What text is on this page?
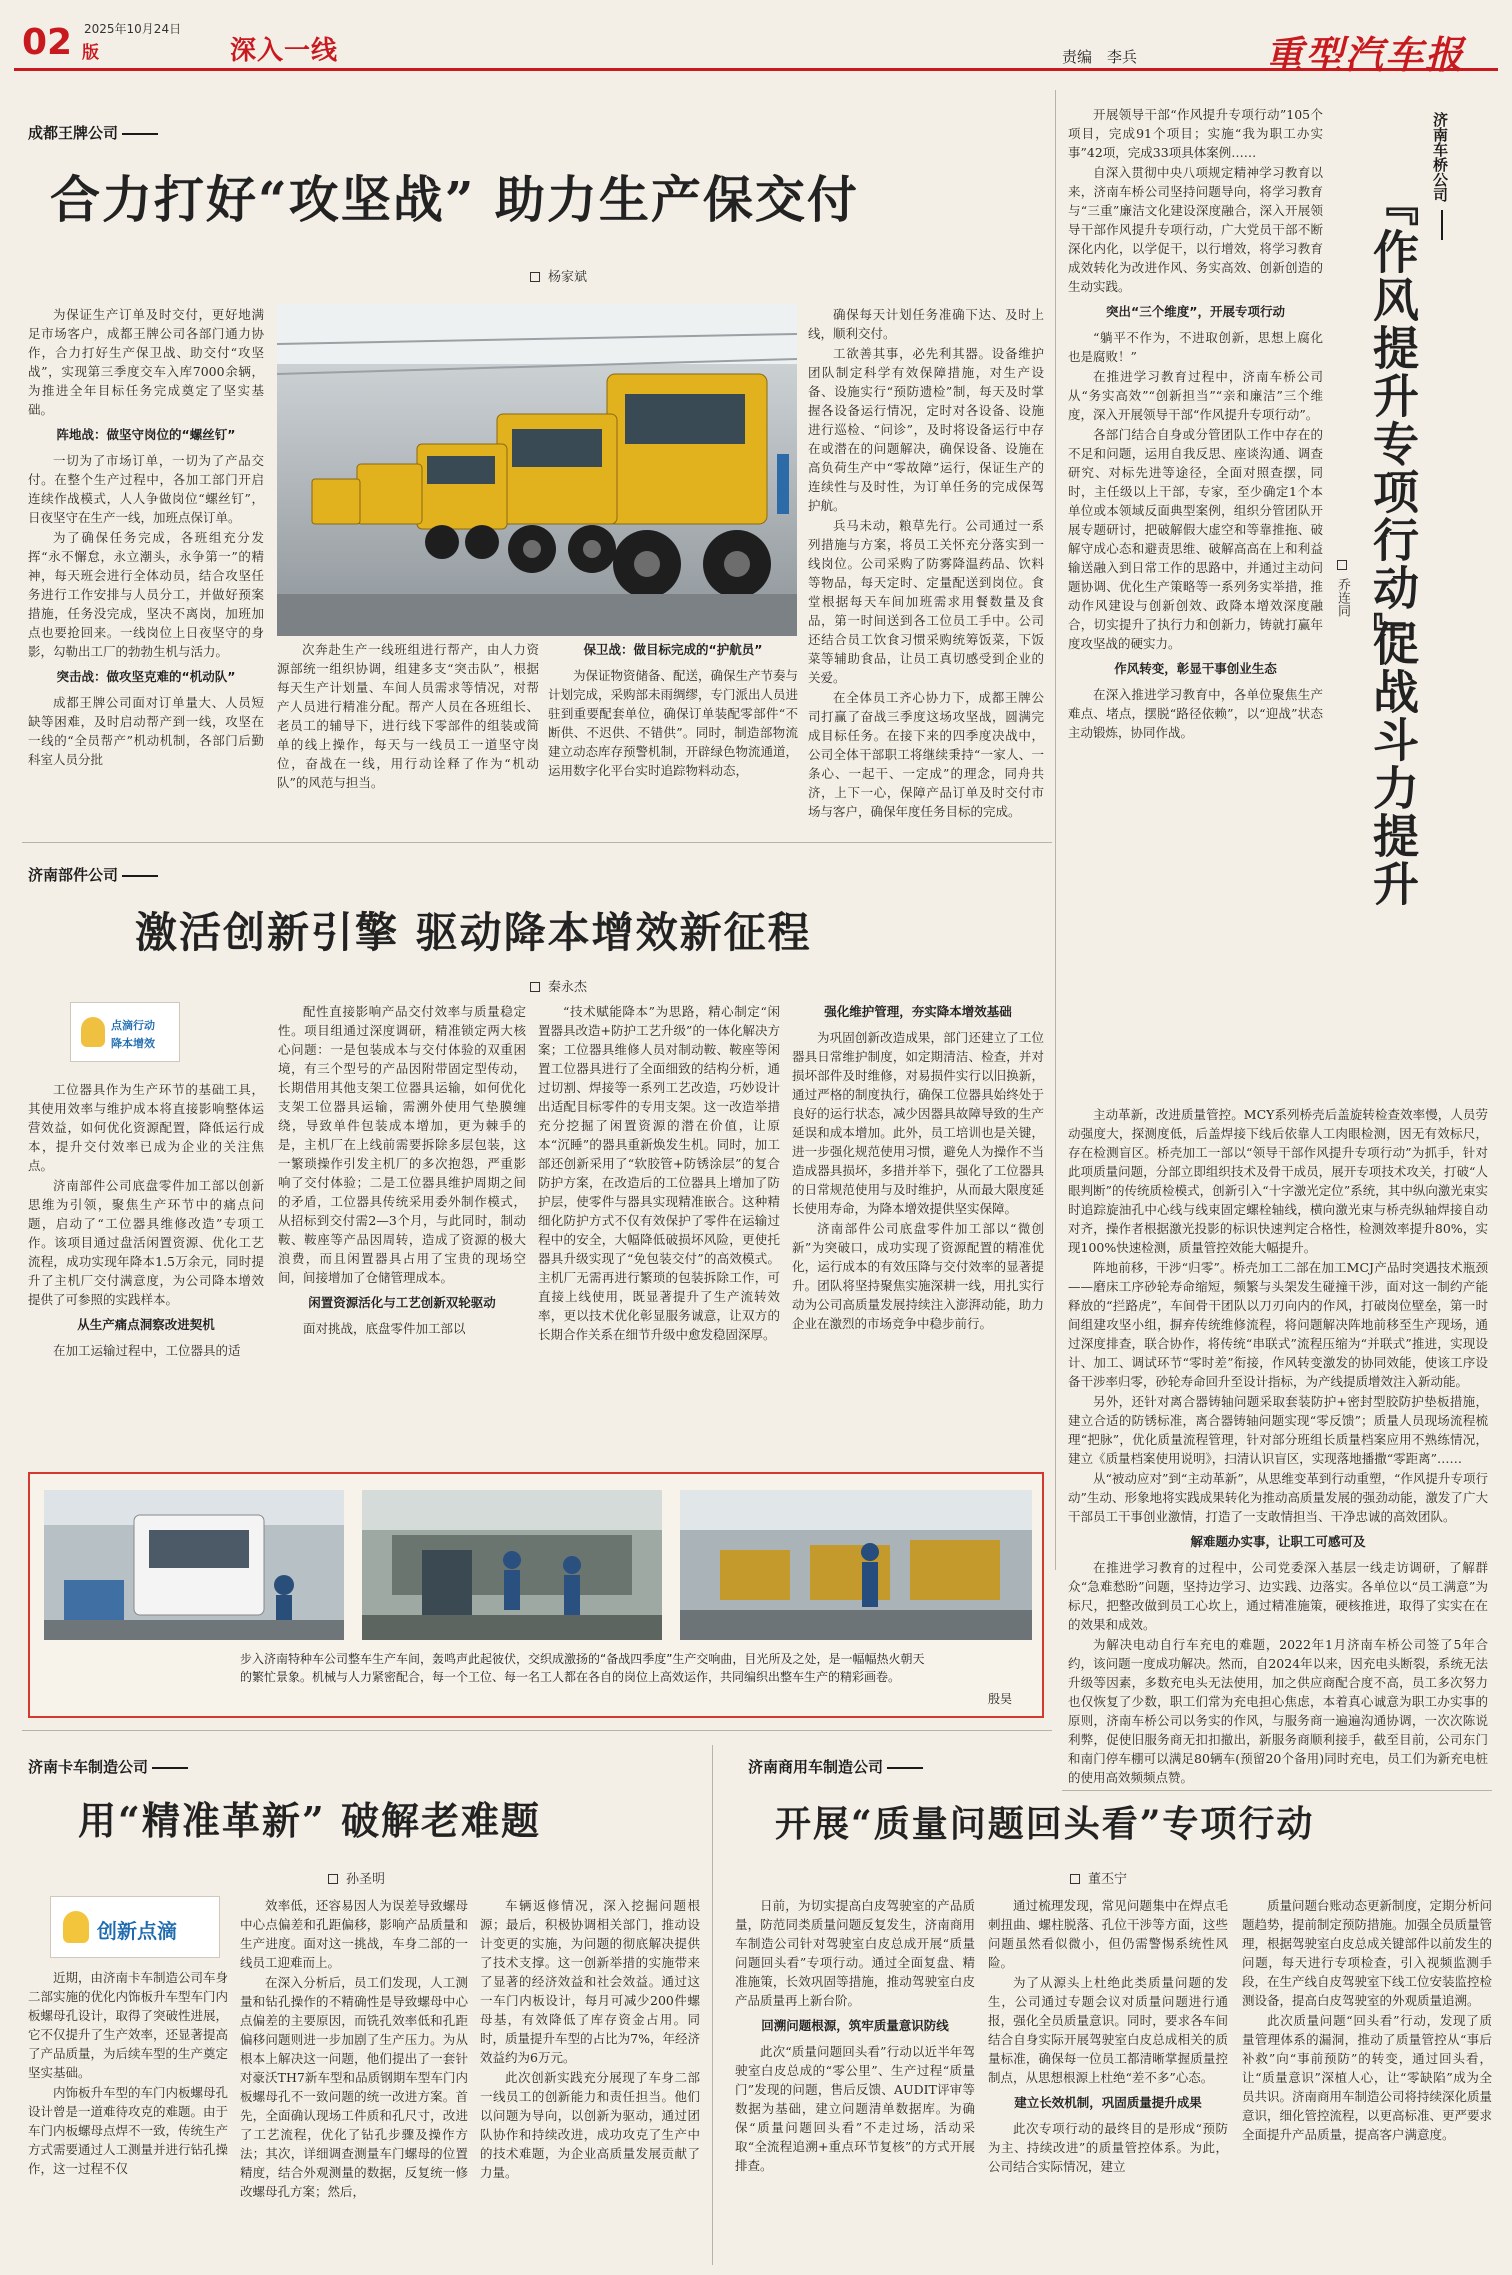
02 版
2025年10月24日
深入一线	责编　李兵	重型汽车报
成都王牌公司
合力打好“攻坚战” 助力生产保交付
杨家斌

为保证生产订单及时交付，更好地满足市场客户，成都王牌公司各部门通力协作，合力打好生产保卫战、助交付“攻坚战”，实现第三季度交车入库7000余辆，为推进全年目标任务完成奠定了坚实基础。

阵地战：做坚守岗位的“螺丝钉”

一切为了市场订单，一切为了产品交付。在整个生产过程中，各加工部门开启连续作战模式，人人争做岗位“螺丝钉”，日夜坚守在生产一线，加班点保订单。

为了确保任务完成，各班组充分发挥“永不懈怠，永立潮头，永争第一”的精神，每天班会进行全体动员，结合攻坚任务进行工作安排与人员分工，并做好预案措施，任务没完成，坚决不离岗，加班加点也要抢回来。一线岗位上日夜坚守的身影，勾勒出工厂的勃勃生机与活力。

突击战：做攻坚克难的“机动队”

成都王牌公司面对订单量大、人员短缺等困难，及时启动帮产到一线，攻坚在一线的“全员帮产”机动机制，各部门后勤科室人员分批

次奔赴生产一线班组进行帮产，由人力资源部统一组织协调，组建多支“突击队”，根据每天生产计划量、车间人员需求等情况，对帮产人员进行精准分配。帮产人员在各班组长、老员工的辅导下，进行线下零部件的组装或简单的线上操作，每天与一线员工一道坚守岗位，奋战在一线，用行动诠释了作为“机动队”的风范与担当。

保卫战：做目标完成的“护航员”

为保证物资储备、配送，确保生产节奏与计划完成，采购部未雨绸缪，专门派出人员进驻到重要配套单位，确保订单装配零部件“不断供、不迟供、不错供”。同时，制造部物流建立动态库存预警机制，开辟绿色物流通道，运用数字化平台实时追踪物料动态，

确保每天计划任务准确下达、及时上线，顺利交付。

工欲善其事，必先利其器。设备维护团队制定科学有效保障措施，对生产设备、设施实行“预防遗检”制，每天及时掌握各设备运行情况，定时对各设备、设施进行巡检、“问诊”，及时将设备运行中存在或潜在的问题解决，确保设备、设施在高负荷生产中“零故障”运行，保证生产的连续性与及时性，为订单任务的完成保驾护航。

兵马未动，粮草先行。公司通过一系列措施与方案，将员工关怀充分落实到一线岗位。公司采购了防雾降温药品、饮料等物品，每天定时、定量配送到岗位。食堂根据每天车间加班需求用餐数量及食品，第一时间送到各工位员工手中。公司还结合员工饮食习惯采购统筹饭菜，下饭菜等辅助食品，让员工真切感受到企业的关爱。

在全体员工齐心协力下，成都王牌公司打赢了奋战三季度这场攻坚战，圆满完成目标任务。在接下来的四季度决战中，公司全体干部职工将继续秉持“一家人、一条心、一起干、一定成”的理念，同舟共济，上下一心，保障产品订单及时交付市场与客户，确保年度任务目标的完成。

济南部件公司
激活创新引擎 驱动降本增效新征程
秦永杰
点滴行动
降本增效

工位器具作为生产环节的基础工具，其使用效率与维护成本将直接影响整体运营效益，如何优化资源配置，降低运行成本，提升交付效率已成为企业的关注焦点。

济南部件公司底盘零件加工部以创新思维为引领，聚焦生产环节中的痛点问题，启动了“工位器具维修改造”专项工作。该项目通过盘活闲置资源、优化工艺流程，成功实现年降本1.5万余元，同时提升了主机厂交付满意度，为公司降本增效提供了可参照的实践样本。

从生产痛点洞察改进契机

在加工运输过程中，工位器具的适

配性直接影响产品交付效率与质量稳定性。项目组通过深度调研，精准锁定两大核心问题：一是包装成本与交付体验的双重困境，有三个型号的产品因附带固定型传动，长期借用其他支架工位器具运输，如何优化支架工位器具运输，需溯外使用气垫膜缠绕，导致单件包装成本增加，更为棘手的是，主机厂在上线前需要拆除多层包装，这一繁琐操作引发主机厂的多次抱怨，严重影响了交付体验；二是工位器具维护周期之间的矛盾，工位器具传统采用委外制作模式，从招标到交付需2—3个月，与此同时，制动鞍、鞍座等产品因周转，造成了资源的极大浪费，而且闲置器具占用了宝贵的现场空间，间接增加了仓储管理成本。

闲置资源活化与工艺创新双轮驱动

面对挑战，底盘零件加工部以

“技术赋能降本”为思路，精心制定“闲置器具改造+防护工艺升级”的一体化解决方案；工位器具维修人员对制动鞍、鞍座等闲置工位器具进行了全面细致的结构分析，通过切割、焊接等一系列工艺改造，巧妙设计出适配目标零件的专用支架。这一改造举措充分挖掘了闲置资源的潜在价值，让原本“沉睡”的器具重新焕发生机。同时，加工部还创新采用了“软胶管+防锈涂层”的复合防护方案，在改造后的工位器具上增加了防护层，使零件与器具实现精准嵌合。这种精细化防护方式不仅有效保护了零件在运输过程中的安全，大幅降低破损坏风险，更使托器具升级实现了“免包装交付”的高效模式。主机厂无需再进行繁琐的包装拆除工作，可直接上线使用，既显著提升了生产流转效率，更以技术优化彰显服务诚意，让双方的长期合作关系在细节升级中愈发稳固深厚。

强化维护管理，夯实降本增效基础

为巩固创新改造成果，部门还建立了工位器具日常维护制度，如定期清洁、检查，并对损坏部件及时维修，对易损件实行以旧换新，通过严格的制度执行，确保工位器具始终处于良好的运行状态，减少因器具故障导致的生产延误和成本增加。此外，员工培训也是关键，进一步强化规范使用习惯，避免人为操作不当造成器具损坏，多措并举下，强化了工位器具的日常规范使用与及时维护，从而最大限度延长使用寿命，为降本增效提供坚实保障。

济南部件公司底盘零件加工部以“微创新”为突破口，成功实现了资源配置的精准优化，运行成本的有效压降与交付效率的显著提升。团队将坚持聚焦实施深耕一线，用扎实行动为公司高质量发展持续注入澎湃动能，助力企业在激烈的市场竞争中稳步前行。

步入济南特种车公司整车生产车间，轰鸣声此起彼伏，交织成激扬的“备战四季度”生产交响曲，目光所及之处，是一幅幅热火朝天的繁忙景象。机械与人力紧密配合，每一个工位、每一名工人都在各自的岗位上高效运作，共同编织出整车生产的精彩画卷。
殷昊
济南车桥公司
『作风提升专项行动』
促战斗力提升
乔连同

开展领导干部“作风提升专项行动”105个项目，完成91个项目；实施“我为职工办实事”42项，完成33项具体案例……

自深入贯彻中央八项规定精神学习教育以来，济南车桥公司坚持问题导向，将学习教育与“三重”廉洁文化建设深度融合，深入开展领导干部作风提升专项行动，广大党员干部不断深化内化，以学促干，以行增效，将学习教育成效转化为改进作风、务实高效、创新创造的生动实践。

突出“三个维度”，开展专项行动

“躺平不作为，不进取创新，思想上腐化也是腐败！”

在推进学习教育过程中，济南车桥公司从“务实高效”“创新担当”“亲和廉洁”三个维度，深入开展领导干部“作风提升专项行动”。

各部门结合自身或分管团队工作中存在的不足和问题，运用自我反思、座谈沟通、调查研究、对标先进等途径，全面对照查摆，同时，主任级以上干部，专家，至少确定1个本单位或本领域反面典型案例，组织分管团队开展专题研讨，把破解假大虚空和等靠推拖、破解守成心态和避责思维、破解高高在上和利益输送融入到日常工作的思路中，并通过主动问题协调、优化生产策略等一系列务实举措，推动作风建设与创新创效、政降本增效深度融合，切实提升了执行力和创新力，铸就打赢年度攻坚战的硬实力。

作风转变，彰显干事创业生态

在深入推进学习教育中，各单位聚焦生产难点、堵点，摆脱“路径依赖”，以“迎战”状态主动锻炼，协同作战。

主动革新，改进质量管控。MCY系列桥壳后盖旋转检查效率慢，人员劳动强度大，探测度低，后盖焊接下线后依靠人工肉眼检测，因无有效标尺，存在检测盲区。桥壳加工一部以“领导干部作风提升专项行动”为抓手，针对此项质量问题，分部立即组织技术及骨干成员，展开专项技术攻关，打破“人眼判断”的传统质检模式，创新引入“十字激光定位”系统，其中纵向激光束实时追踪旋油孔中心线与线束固定螺栓轴线，横向激光束与桥壳纵轴焊接自动对齐，操作者根据激光投影的标识快速判定合格性，检测效率提升80%，实现100%快速检测，质量管控效能大幅提升。

阵地前移，干涉“归零”。桥壳加工二部在加工MCJ产品时突遇技术瓶颈——磨床工序砂轮寿命缩短，频繁与头架发生碰撞干涉，面对这一制约产能释放的“拦路虎”，车间骨干团队以刀刃向内的作风，打破岗位壁垒，第一时间组建攻坚小组，摒弃传统维修流程，将问题解决阵地前移至生产现场，通过深度排查，联合协作，将传统“串联式”流程压缩为“并联式”推进，实现设计、加工、调试环节“零时差”衔接，作风转变激发的协同效能，使该工序设备干涉率归零，砂轮寿命回升至设计指标，为产线提质增效注入新动能。

另外，还针对离合器铸轴问题采取套装防护+密封型胶防护垫板措施，建立合适的防锈标准，离合器铸轴问题实现“零反馈”；质量人员现场流程梳理“把脉”，优化质量流程管理，针对部分班组长质量档案应用不熟练情况，建立《质量档案使用说明》，扫清认识盲区，实现落地播撒“零距离”……

从“被动应对”到“主动革新”，从思维变革到行动重塑，“作风提升专项行动”生动、形象地将实践成果转化为推动高质量发展的强劲动能，激发了广大干部员工干事创业激情，打造了一支敢情担当、干净忠诚的高效团队。

解难题办实事，让职工可感可及

在推进学习教育的过程中，公司党委深入基层一线走访调研，了解群众“急难愁盼”问题，坚持边学习、边实践、边落实。各单位以“员工满意”为标尺，把整改做到员工心坎上，通过精准施策，硬核推进，取得了实实在在的效果和成效。

为解决电动自行车充电的难题，2022年1月济南车桥公司签了5年合约，该问题一度成功解决。然而，自2024年以来，因充电头断裂，系统无法升级等因素，多数充电头无法使用，加之供应商配合度不高，员工多次努力也仅恢复了少数，职工们常为充电担心焦虑，本着真心诚意为职工办实事的原则，济南车桥公司以务实的作风，与服务商一遍遍沟通协调，一次次陈说利弊，促使旧服务商无扣扣撤出，新服务商顺利接手，截至目前，公司东门和南门停车棚可以满足80辆车(预留20个备用)同时充电，员工们为新充电桩的使用高效频频点赞。

济南卡车制造公司
用“精准革新” 破解老难题
孙圣明
创新点滴

近期，由济南卡车制造公司车身二部实施的优化内饰板升车型车门内板螺母孔设计，取得了突破性进展，它不仅提升了生产效率，还显著提高了产品质量，为后续车型的生产奠定坚实基础。

内饰板升车型的车门内板螺母孔设计曾是一道难待攻克的难题。由于车门内板螺母点焊不一致，传统生产方式需要通过人工测量并进行钻孔操作，这一过程不仅

效率低，还容易因人为误差导致螺母中心点偏差和孔距偏移，影响产品质量和生产进度。面对这一挑战，车身二部的一线员工迎难而上。

在深入分析后，员工们发现，人工测量和钻孔操作的不精确性是导致螺母中心点偏差的主要原因，而铣孔效率低和孔距偏移问题则进一步加剧了生产压力。为从根本上解决这一问题，他们提出了一套针对豪沃TH7新车型和品质钢期车型车门内板螺母孔不一致问题的统一改进方案。首先，全面确认现场工件质和孔尺寸，改进了工艺流程，优化了钻孔步骤及操作方法；其次，详细调查测量车门螺母的位置精度，结合外观测量的数据，反复统一修改螺母孔方案；然后，

车辆返修情况，深入挖掘问题根源；最后，积极协调相关部门，推动设计变更的实施，为问题的彻底解决提供了技术支撑。这一创新举措的实施带来了显著的经济效益和社会效益。通过这一车门内板设计，每月可减少200件螺母基，有效降低了库存资金占用。同时，质量提升车型的占比为7%，年经济效益约为6万元。

此次创新实践充分展现了车身二部一线员工的创新能力和责任担当。他们以问题为导向，以创新为驱动，通过团队协作和持续改进，成功攻克了生产中的技术难题，为企业高质量发展贡献了力量。

济南商用车制造公司
开展“质量问题回头看”专项行动
董丕宁

日前，为切实提高白皮驾驶室的产品质量，防范同类质量问题反复发生，济南商用车制造公司针对驾驶室白皮总成开展“质量问题回头看”专项行动。通过全面复盘、精准施策，长效巩固等措施，推动驾驶室白皮产品质量再上新台阶。

回溯问题根源，筑牢质量意识防线

此次“质量问题回头看”行动以近半年驾驶室白皮总成的“零公里”、生产过程“质量门”发现的问题，售后反馈、AUDIT评审等数据为基础，建立问题清单数据库。为确保“质量问题回头看”不走过场，活动采取“全流程追溯+重点环节复核”的方式开展排查。

通过梳理发现，常见问题集中在焊点毛刺扭曲、螺柱脱落、孔位干涉等方面，这些问题虽然看似微小，但仍需警惕系统性风险。

为了从源头上杜绝此类质量问题的发生，公司通过专题会议对质量问题进行通报，强化全员质量意识。同时，要求各车间结合自身实际开展驾驶室白皮总成相关的质量标准，确保每一位员工都清晰掌握质量控制点，从思想根源上杜绝“差不多”心态。

建立长效机制，巩固质量提升成果

此次专项行动的最终目的是形成“预防为主、持续改进”的质量管控体系。为此，公司结合实际情况，建立

质量问题台账动态更新制度，定期分析问题趋势，提前制定预防措施。加强全员质量管理，根据驾驶室白皮总成关键部件以前发生的问题，每天进行专项检查，引入视频监测手段，在生产线自皮驾驶室下线工位安装监控检测设备，提高白皮驾驶室的外观质量追溯。

此次质量问题“回头看”行动，发现了质量管理体系的漏洞，推动了质量管控从“事后补救”向“事前预防”的转变，通过回头看，让“质量意识”深植人心，让“零缺陷”成为全员共识。济南商用车制造公司将持续深化质量意识，细化管控流程，以更高标准、更严要求全面提升产品质量，提高客户满意度。
